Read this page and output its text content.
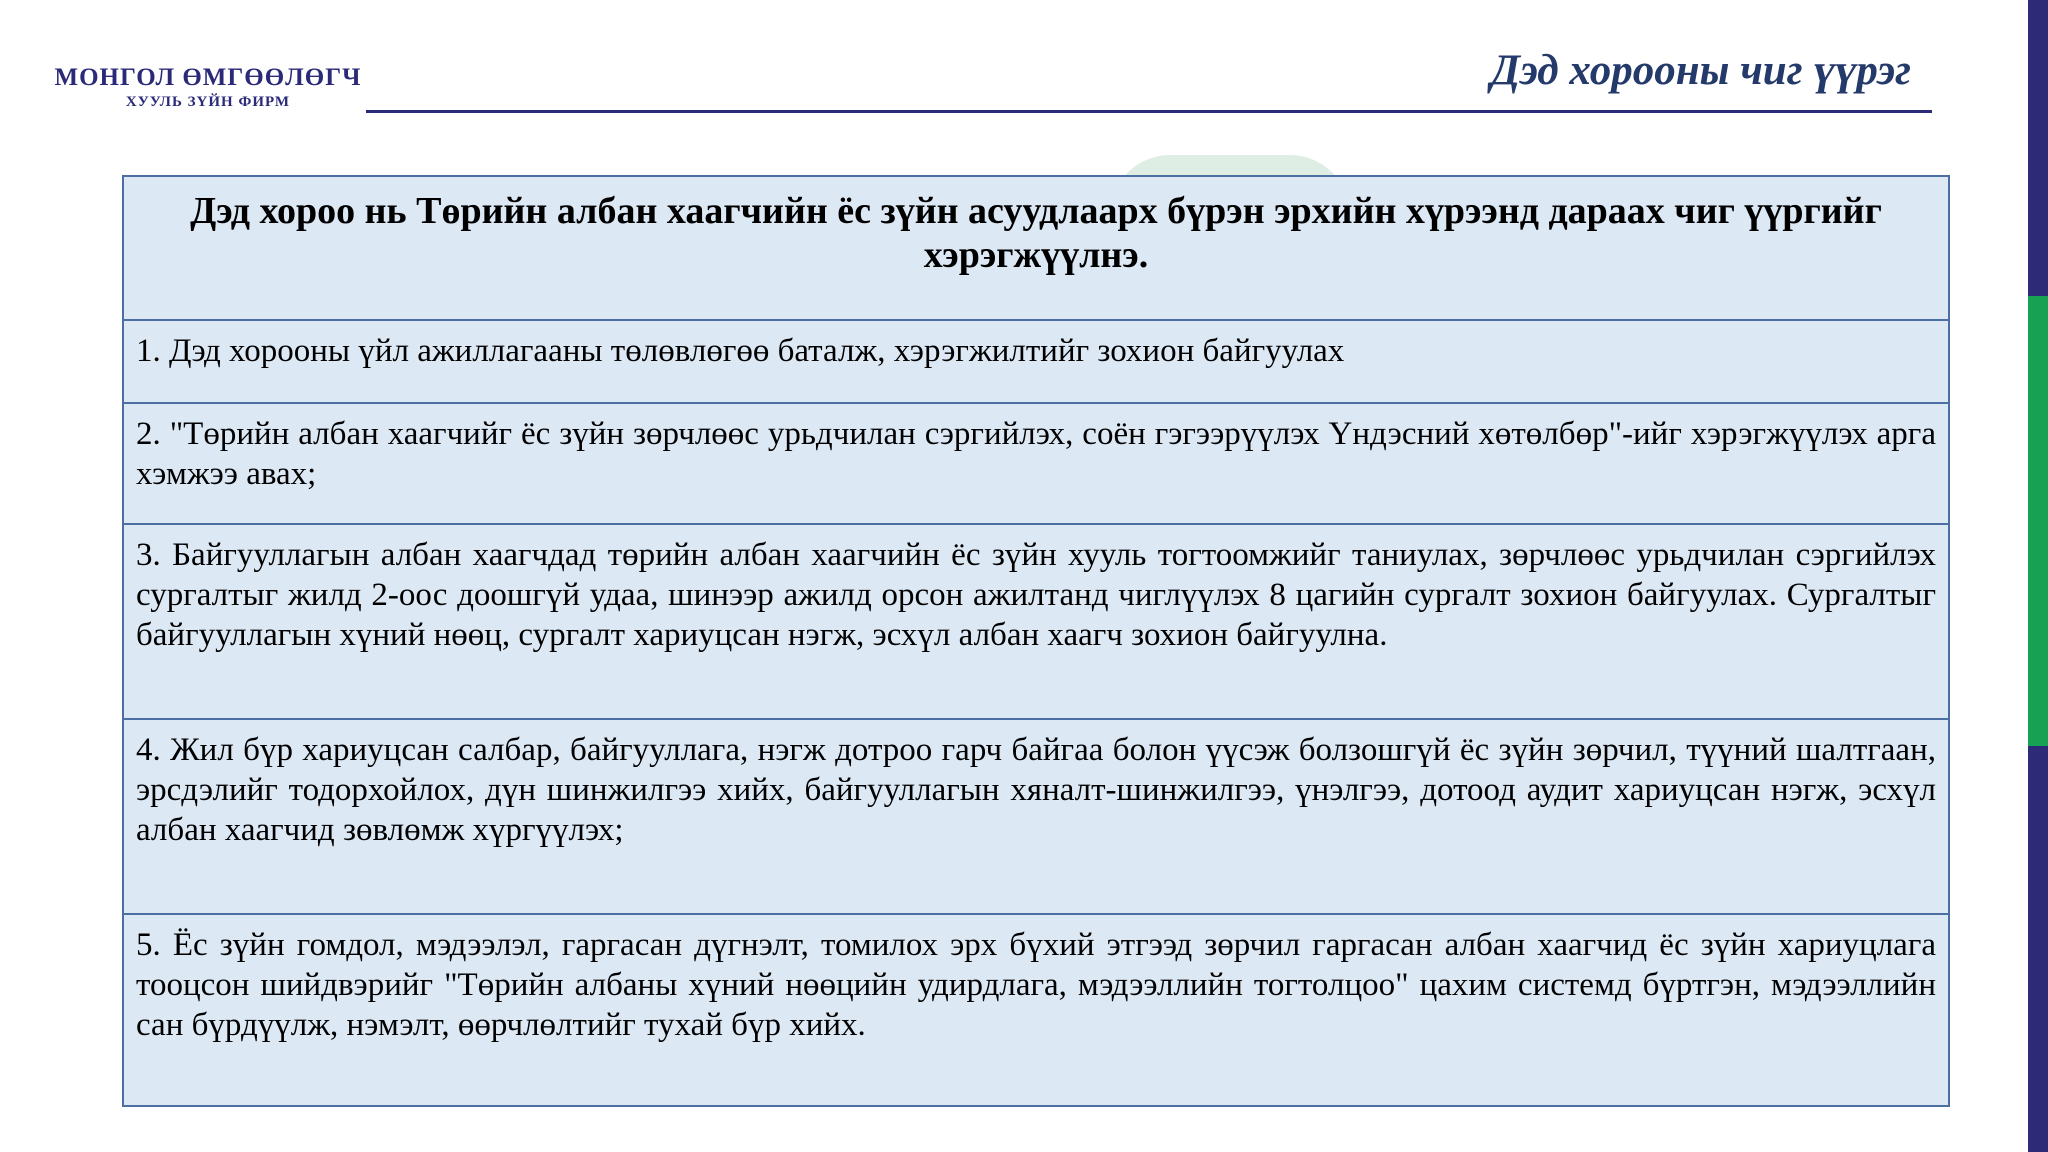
МОНГОЛ ӨМГӨӨЛӨГЧ
ХУУЛЬ ЗҮЙН ФИРМ
Дэд хорооны чиг үүрэг
Дэд хороо нь Төрийн албан хаагчийн ёс зүйн асуудлаарх бүрэн эрхийн хүрээнд дараах чиг үүргийг хэрэгжүүлнэ.
1. Дэд хорооны үйл ажиллагааны төлөвлөгөө баталж, хэрэгжилтийг зохион байгуулах
2. "Төрийн албан хаагчийг ёс зүйн зөрчлөөс урьдчилан сэргийлэх, соён гэгээрүүлэх Үндэсний хөтөлбөр"-ийг хэрэгжүүлэх арга хэмжээ авах;
3. Байгууллагын албан хаагчдад төрийн албан хаагчийн ёс зүйн хууль тогтоомжийг таниулах, зөрчлөөс урьдчилан сэргийлэх сургалтыг жилд 2-оос доошгүй удаа, шинээр ажилд орсон ажилтанд чиглүүлэх 8 цагийн сургалт зохион байгуулах. Сургалтыг байгууллагын хүний нөөц, сургалт хариуцсан нэгж, эсхүл албан хаагч зохион байгуулна.
4. Жил бүр хариуцсан салбар, байгууллага, нэгж дотроо гарч байгаа болон үүсэж болзошгүй ёс зүйн зөрчил, түүний шалтгаан, эрсдэлийг тодорхойлох, дүн шинжилгээ хийх, байгууллагын хяналт-шинжилгээ, үнэлгээ, дотоод аудит хариуцсан нэгж, эсхүл албан хаагчид зөвлөмж хүргүүлэх;
5. Ёс зүйн гомдол, мэдээлэл, гаргасан дүгнэлт, томилох эрх бүхий этгээд зөрчил гаргасан албан хаагчид ёс зүйн хариуцлага тооцсон шийдвэрийг "Төрийн албаны хүний нөөцийн удирдлага, мэдээллийн тогтолцоо" цахим системд бүртгэн, мэдээллийн сан бүрдүүлж, нэмэлт, өөрчлөлтийг тухай бүр хийх.
